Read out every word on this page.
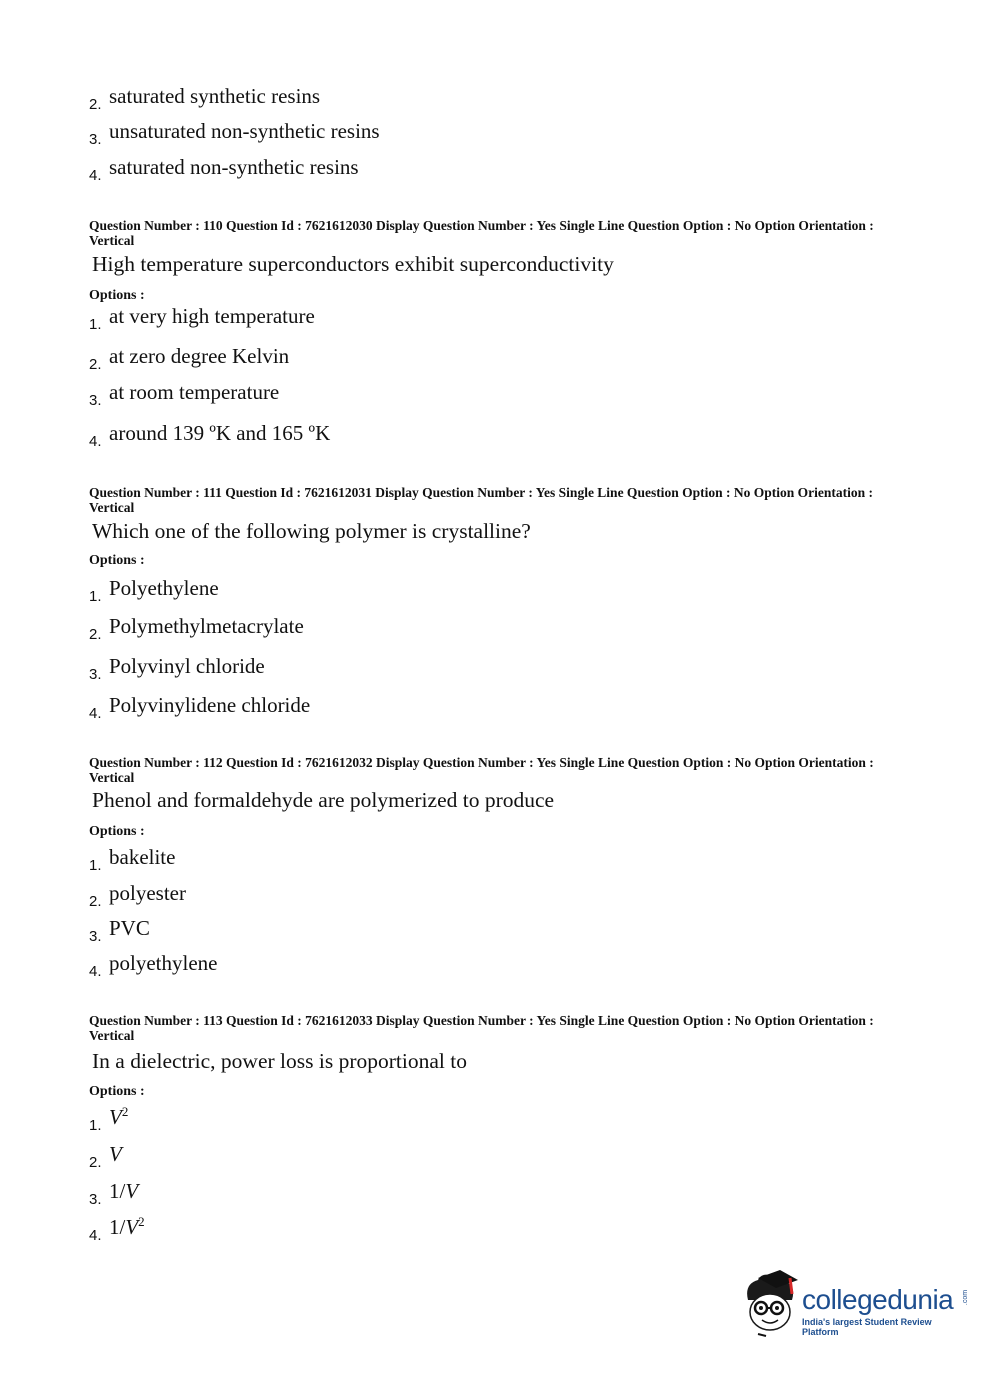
2. saturated synthetic resins
3. unsaturated non-synthetic resins
4. saturated non-synthetic resins
Question Number : 110 Question Id : 7621612030 Display Question Number : Yes Single Line Question Option : No Option Orientation : Vertical
High temperature superconductors exhibit superconductivity
Options :
1. at very high temperature
2. at zero degree Kelvin
3. at room temperature
4. around 139 ºK and 165 ºK
Question Number : 111 Question Id : 7621612031 Display Question Number : Yes Single Line Question Option : No Option Orientation : Vertical
Which one of the following polymer is crystalline?
Options :
1. Polyethylene
2. Polymethylmetacrylate
3. Polyvinyl chloride
4. Polyvinylidene chloride
Question Number : 112 Question Id : 7621612032 Display Question Number : Yes Single Line Question Option : No Option Orientation : Vertical
Phenol and formaldehyde are polymerized to produce
Options :
1. bakelite
2. polyester
3. PVC
4. polyethylene
Question Number : 113 Question Id : 7621612033 Display Question Number : Yes Single Line Question Option : No Option Orientation : Vertical
In a dielectric, power loss is proportional to
Options :
1. $V^2$
2. V
3. 1/V
4. $1/V^2$
collegedunia .com
India's largest Student Review Platform
